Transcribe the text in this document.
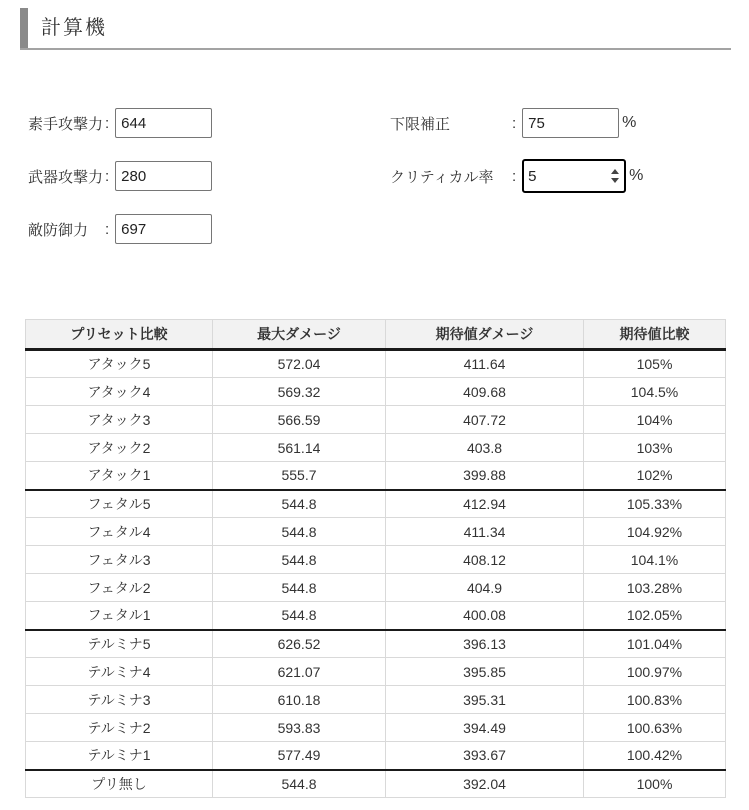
計算機
素手攻撃力 :
644
武器攻撃力 :
280
敵防御力	:
697
下限補正	:
75	%
クリティカル率	:
5	%
プリセット比較	最大ダメージ	期待値ダメージ	期待値比較
アタック5	572.04	411.64	105%
アタック4	569.32	409.68	104.5%
アタック3	566.59	407.72	104%
アタック2	561.14	403.8	103%
アタック1	555.7	399.88	102%
フェタル5	544.8	412.94	105.33%
フェタル4	544.8	411.34	104.92%
フェタル3	544.8	408.12	104.1%
フェタル2	544.8	404.9	103.28%
フェタル1	544.8	400.08	102.05%
テルミナ5	626.52	396.13	101.04%
テルミナ4	621.07	395.85	100.97%
テルミナ3	610.18	395.31	100.83%
テルミナ2	593.83	394.49	100.63%
テルミナ1	577.49	393.67	100.42%
プリ無し	544.8	392.04	100%
